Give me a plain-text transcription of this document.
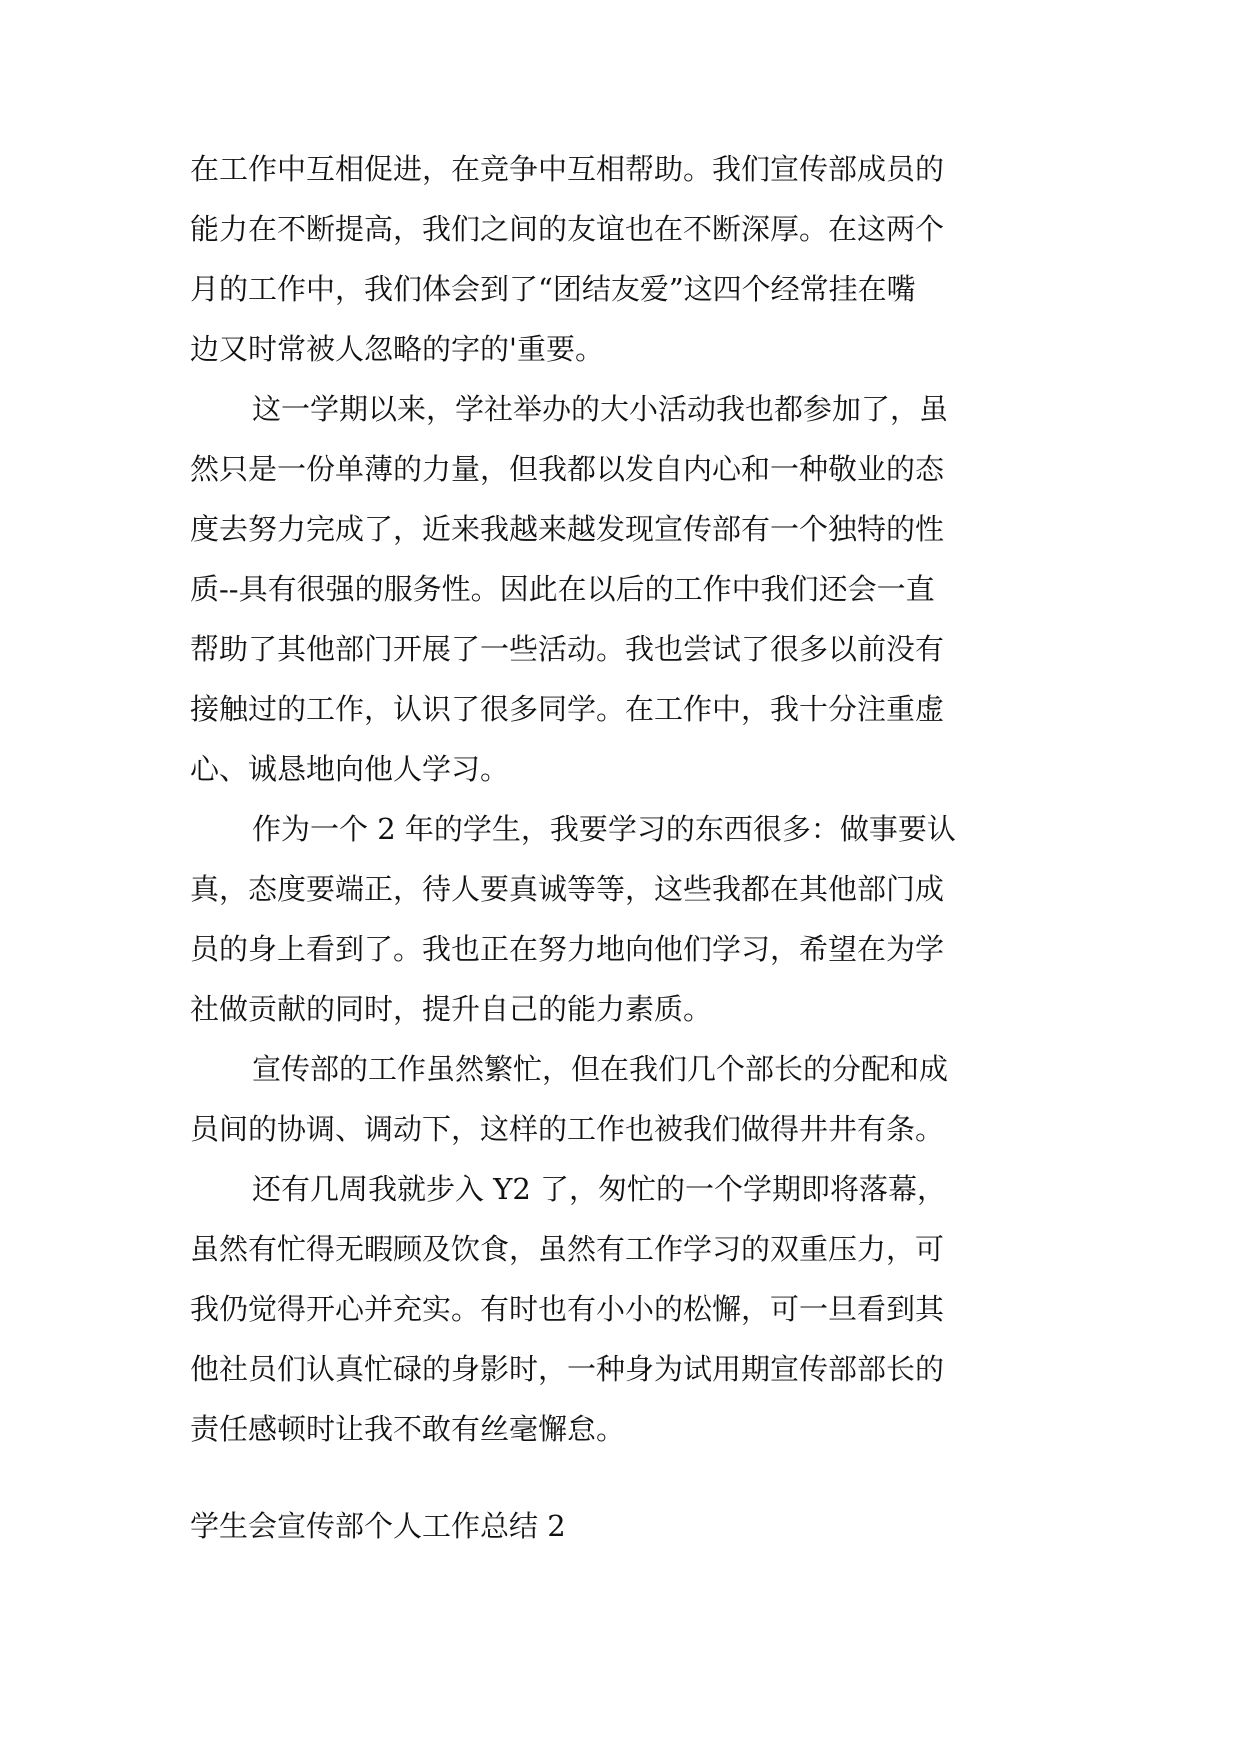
在工作中互相促进，在竞争中互相帮助。我们宣传部成员的
能力在不断提高，我们之间的友谊也在不断深厚。在这两个
月的工作中，我们体会到了“团结友爱”这四个经常挂在嘴
边又时常被人忽略的字的'重要。
这一学期以来，学社举办的大小活动我也都参加了，虽
然只是一份单薄的力量，但我都以发自内心和一种敬业的态
度去努力完成了，近来我越来越发现宣传部有一个独特的性
质--具有很强的服务性。因此在以后的工作中我们还会一直
帮助了其他部门开展了一些活动。我也尝试了很多以前没有
接触过的工作，认识了很多同学。在工作中，我十分注重虚
心、诚恳地向他人学习。
作为一个 2 年的学生，我要学习的东西很多：做事要认
真，态度要端正，待人要真诚等等，这些我都在其他部门成
员的身上看到了。我也正在努力地向他们学习，希望在为学
社做贡献的同时，提升自己的能力素质。
宣传部的工作虽然繁忙，但在我们几个部长的分配和成
员间的协调、调动下，这样的工作也被我们做得井井有条。
还有几周我就步入 Y2 了，匆忙的一个学期即将落幕，
虽然有忙得无暇顾及饮食，虽然有工作学习的双重压力，可
我仍觉得开心并充实。有时也有小小的松懈，可一旦看到其
他社员们认真忙碌的身影时，一种身为试用期宣传部部长的
责任感顿时让我不敢有丝毫懈怠。
学生会宣传部个人工作总结 2
